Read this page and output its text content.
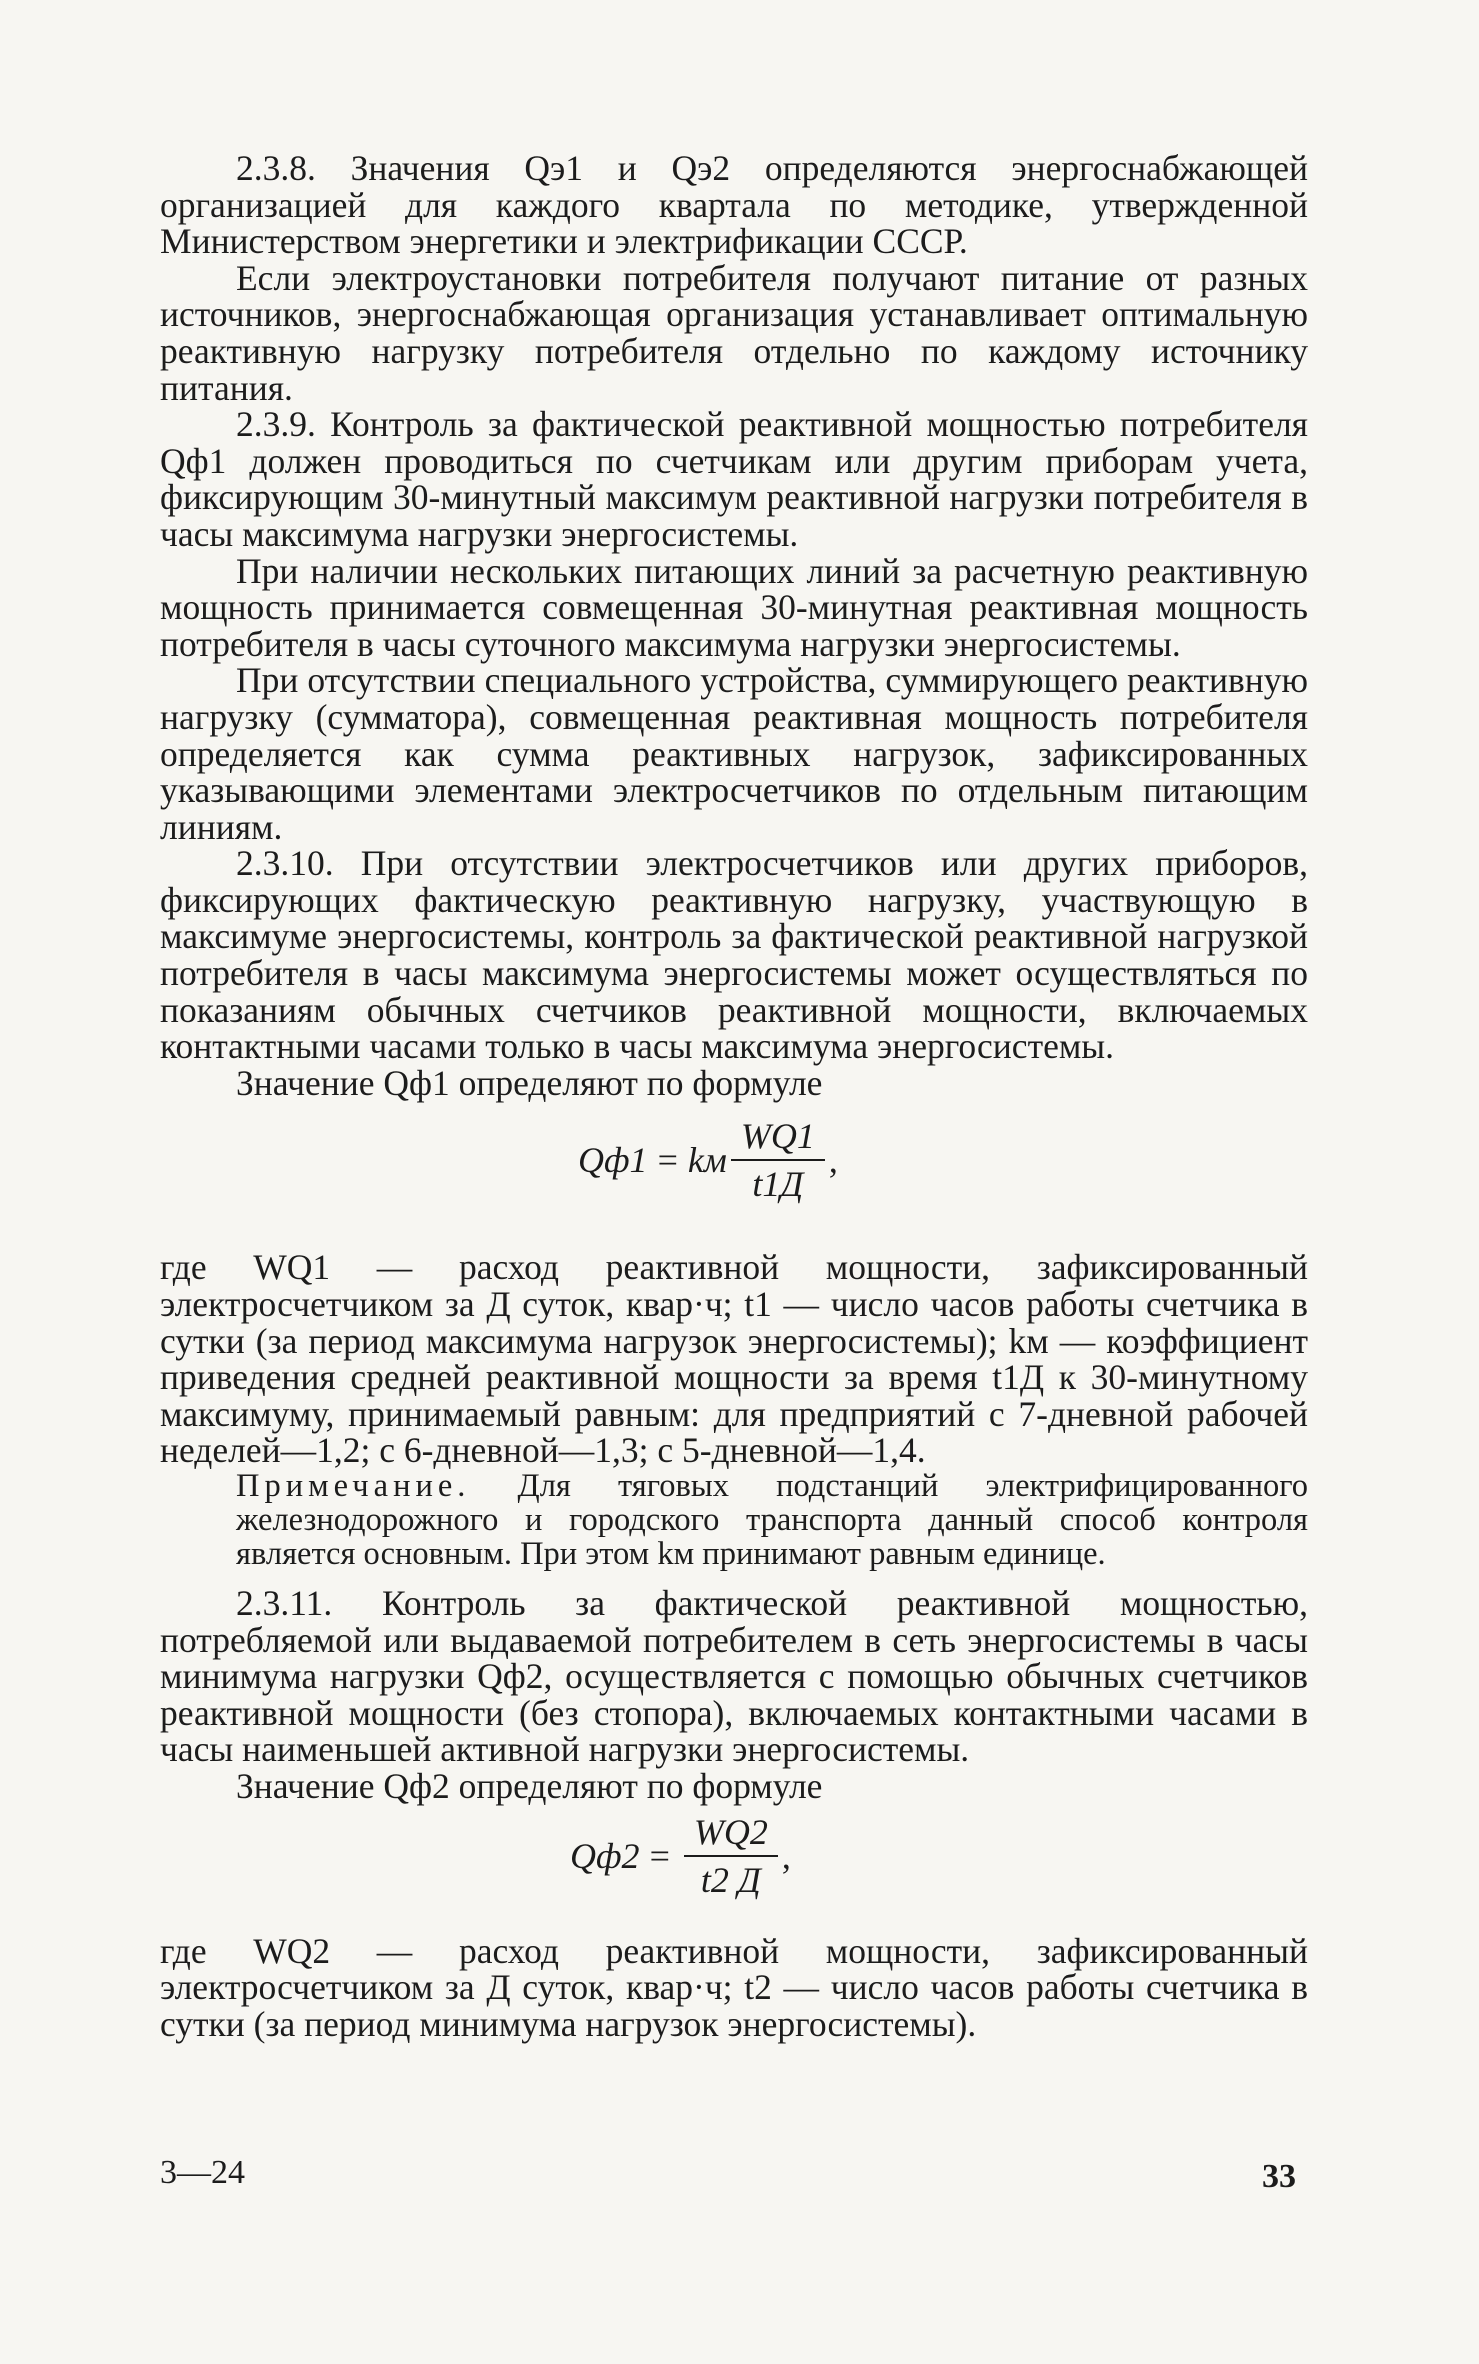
2.3.8. Значения Qэ1 и Qэ2 определяются энергоснабжающей организацией для каждого квартала по методике, утвержденной Министерством энергетики и электрификации СССР.

Если электроустановки потребителя получают питание от разных источников, энергоснабжающая организация устанавливает оптимальную реактивную нагрузку потребителя отдельно по каждому источнику питания.

2.3.9. Контроль за фактической реактивной мощностью потребителя Qф1 должен проводиться по счетчикам или другим приборам учета, фиксирующим 30-минутный максимум реактивной нагрузки потребителя в часы максимума нагрузки энергосистемы.

При наличии нескольких питающих линий за расчетную реактивную мощность принимается совмещенная 30-минутная реактивная мощность потребителя в часы суточного максимума нагрузки энергосистемы.

При отсутствии специального устройства, суммирующего реактивную нагрузку (сумматора), совмещенная реактивная мощность потребителя определяется как сумма реактивных нагрузок, зафиксированных указывающими элементами электросчетчиков по отдельным питающим линиям.

2.3.10. При отсутствии электросчетчиков или других приборов, фиксирующих фактическую реактивную нагрузку, участвующую в максимуме энергосистемы, контроль за фактической реактивной нагрузкой потребителя в часы максимума энергосистемы может осуществляться по показаниям обычных счетчиков реактивной мощности, включаемых контактными часами только в часы максимума энергосистемы.

Значение Qф1 определяют по формуле

Qф1 = kм $\frac{WQ1}{t1Д}$ ,

где WQ1 — расход реактивной мощности, зафиксированный электросчетчиком за Д суток, квар·ч; t1 — число часов работы счетчика в сутки (за период максимума нагрузок энергосистемы); kм — коэффициент приведения средней реактивной мощности за время t1Д к 30-минутному максимуму, принимаемый равным: для предприятий с 7-дневной рабочей неделей—1,2; с 6-дневной—1,3; с 5-дневной—1,4.

Примечание. Для тяговых подстанций электрифицированного железнодорожного и городского транспорта данный способ контроля является основным. При этом kм принимают равным единице.

2.3.11. Контроль за фактической реактивной мощностью, потребляемой или выдаваемой потребителем в сеть энергосистемы в часы минимума нагрузки Qф2, осуществляется с помощью обычных счетчиков реактивной мощности (без стопора), включаемых контактными часами в часы наименьшей активной нагрузки энергосистемы.

Значение Qф2 определяют по формуле

$Qф2 = \frac{WQ2}{t2 Д}$ ,

где WQ2 — расход реактивной мощности, зафиксированный электросчетчиком за Д суток, квар·ч; t2 — число часов работы счетчика в сутки (за период минимума нагрузок энергосистемы).

3—24	33
